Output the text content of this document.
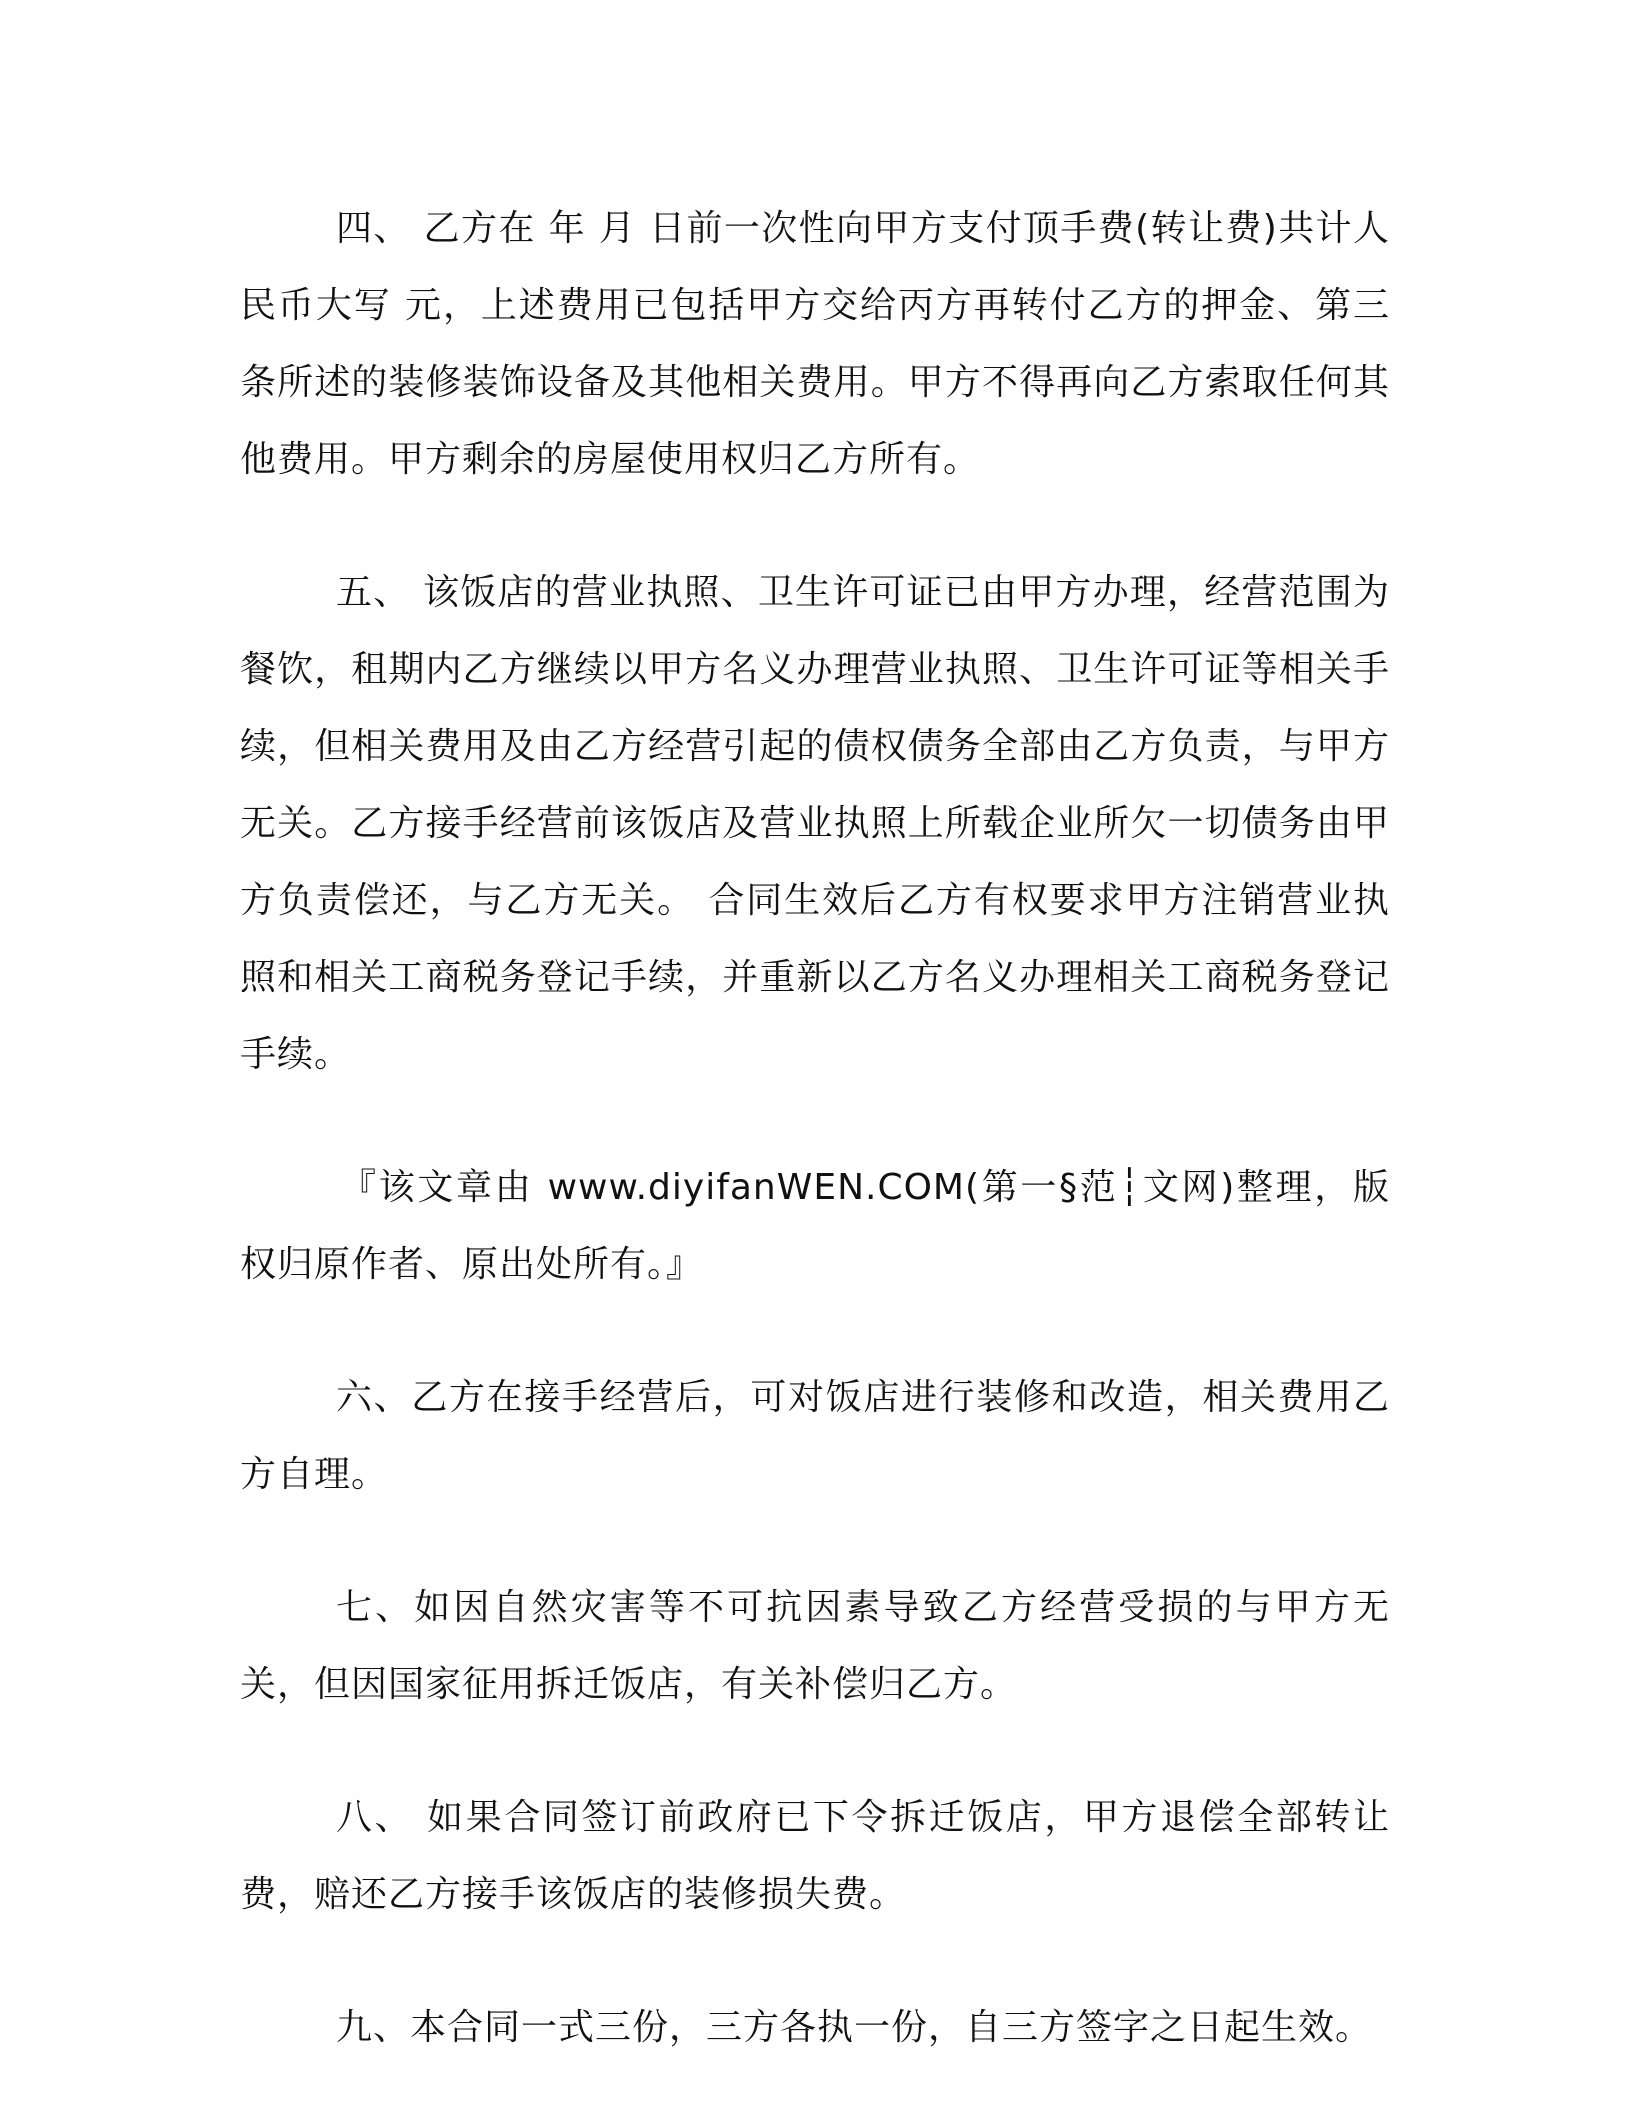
四、 乙方在 年 月 日前一次性向甲方支付顶手费(转让费)共计人民币大写 元，上述费用已包括甲方交给丙方再转付乙方的押金、第三条所述的装修装饰设备及其他相关费用。甲方不得再向乙方索取任何其他费用。甲方剩余的房屋使用权归乙方所有。

五、 该饭店的营业执照、卫生许可证已由甲方办理，经营范围为餐饮，租期内乙方继续以甲方名义办理营业执照、卫生许可证等相关手续，但相关费用及由乙方经营引起的债权债务全部由乙方负责，与甲方无关。乙方接手经营前该饭店及营业执照上所载企业所欠一切债务由甲方负责偿还，与乙方无关。 合同生效后乙方有权要求甲方注销营业执照和相关工商税务登记手续，并重新以乙方名义办理相关工商税务登记手续。

『该文章由 www.diyifanWEN.COM(第一§范┆文网)整理，版权归原作者、原出处所有。』

六、乙方在接手经营后，可对饭店进行装修和改造，相关费用乙方自理。

七、如因自然灾害等不可抗因素导致乙方经营受损的与甲方无关，但因国家征用拆迁饭店，有关补偿归乙方。

八、 如果合同签订前政府已下令拆迁饭店，甲方退偿全部转让费，赔还乙方接手该饭店的装修损失费。

九、本合同一式三份，三方各执一份，自三方签字之日起生效。
